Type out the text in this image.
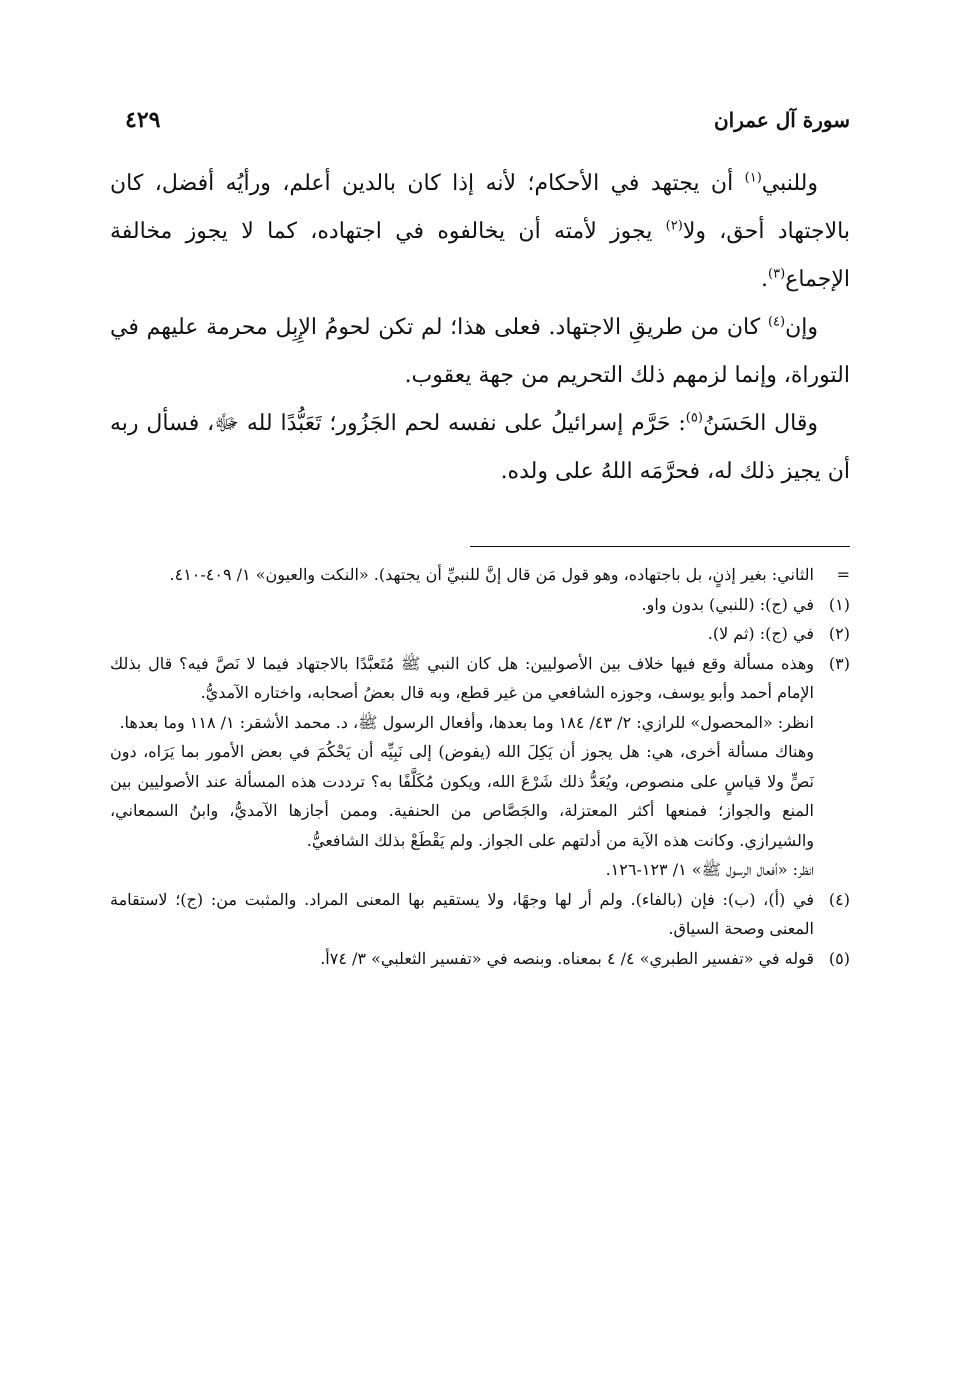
سورة آل عمران
٤٢٩

وللنبي$^{(١)}$ أن يجتهد في الأحكام؛ لأنه إذا كان بالدين أعلم، ورأيُه أفضل، كان بالاجتهاد أحق، ولا$^{(٢)}$ يجوز لأمته أن يخالفوه في اجتهاده، كما لا يجوز مخالفة الإجماع$^{(٣)}$.

وإن$^{(٤)}$ كان من طريقِ الاجتهاد. فعلى هذا؛ لم تكن لحومُ الإِبِل محرمة عليهم في التوراة، وإنما لزمهم ذلك التحريم من جهة يعقوب.

وقال الحَسَنُ$^{(٥)}$: حَرَّم إسرائيلُ على نفسه لحم الجَزُور؛ تَعَبُّدًا لله ﷻ، فسأل ربه أن يجيز ذلك له، فحرَّمَه اللهُ على ولده.

=
الثاني: بغير إذنٍ، بل باجتهاده، وهو قول مَن قال إنَّ للنبيِّ أن يجتهد). «النكت والعيون» ١/ ٤٠٩-٤١٠.
(١)
في (ج): (للنبي) بدون واو.
(٢)
في (ج): (ثم لا).
(٣)

وهذه مسألة وقع فيها خلاف بين الأصوليين: هل كان النبي ﷺ مُتَعبَّدًا بالاجتهاد فيما لا نَصَّ فيه؟ قال بذلك الإمام أحمد وأبو يوسف، وجوزه الشافعي من غير قطع، وبه قال بعضُ أصحابه، واختاره الآمديُّ.

انظر: «المحصول» للرازي: ٢/ ٤٣/ ١٨٤ وما بعدها، وأفعال الرسول ﷺ، د. محمد الأشقر: ١/ ١١٨ وما بعدها.

وهناك مسألة أخرى، هي: هل يجوز أن يَكِلَ الله (يفوض) إلى نَبِيِّه أن يَحْكُمَ في بعض الأمور بما يَرَاه، دون نَصٍّ ولا قياسٍ على منصوص، ويُعَدُّ ذلك شَرْعَ الله، ويكون مُكَلَّفًا به؟ ترددت هذه المسألة عند الأصوليين بين المنع والجواز؛ فمنعها أكثر المعتزلة، والجَصَّاص من الحنفية. وممن أجازها الآمديُّ، وابنُ السمعاني، والشيرازي. وكانت هذه الآية من أدلتهم على الجواز. ولم يَقْطَعْ بذلك الشافعيُّ.

انظر: «أفعال الرسول ﷺ» ١/ ١٢٣-١٢٦.

(٤)
في (أ)، (ب): فإن (بالفاء). ولم أر لها وجهًا، ولا يستقيم بها المعنى المراد. والمثبت من: (ج)؛ لاستقامة المعنى وصحة السياق.
(٥)
قوله في «تفسير الطبري» ٤/ ٤ بمعناه. وبنصه في «تفسير الثعلبي» ٣/ ٧٤أ.
